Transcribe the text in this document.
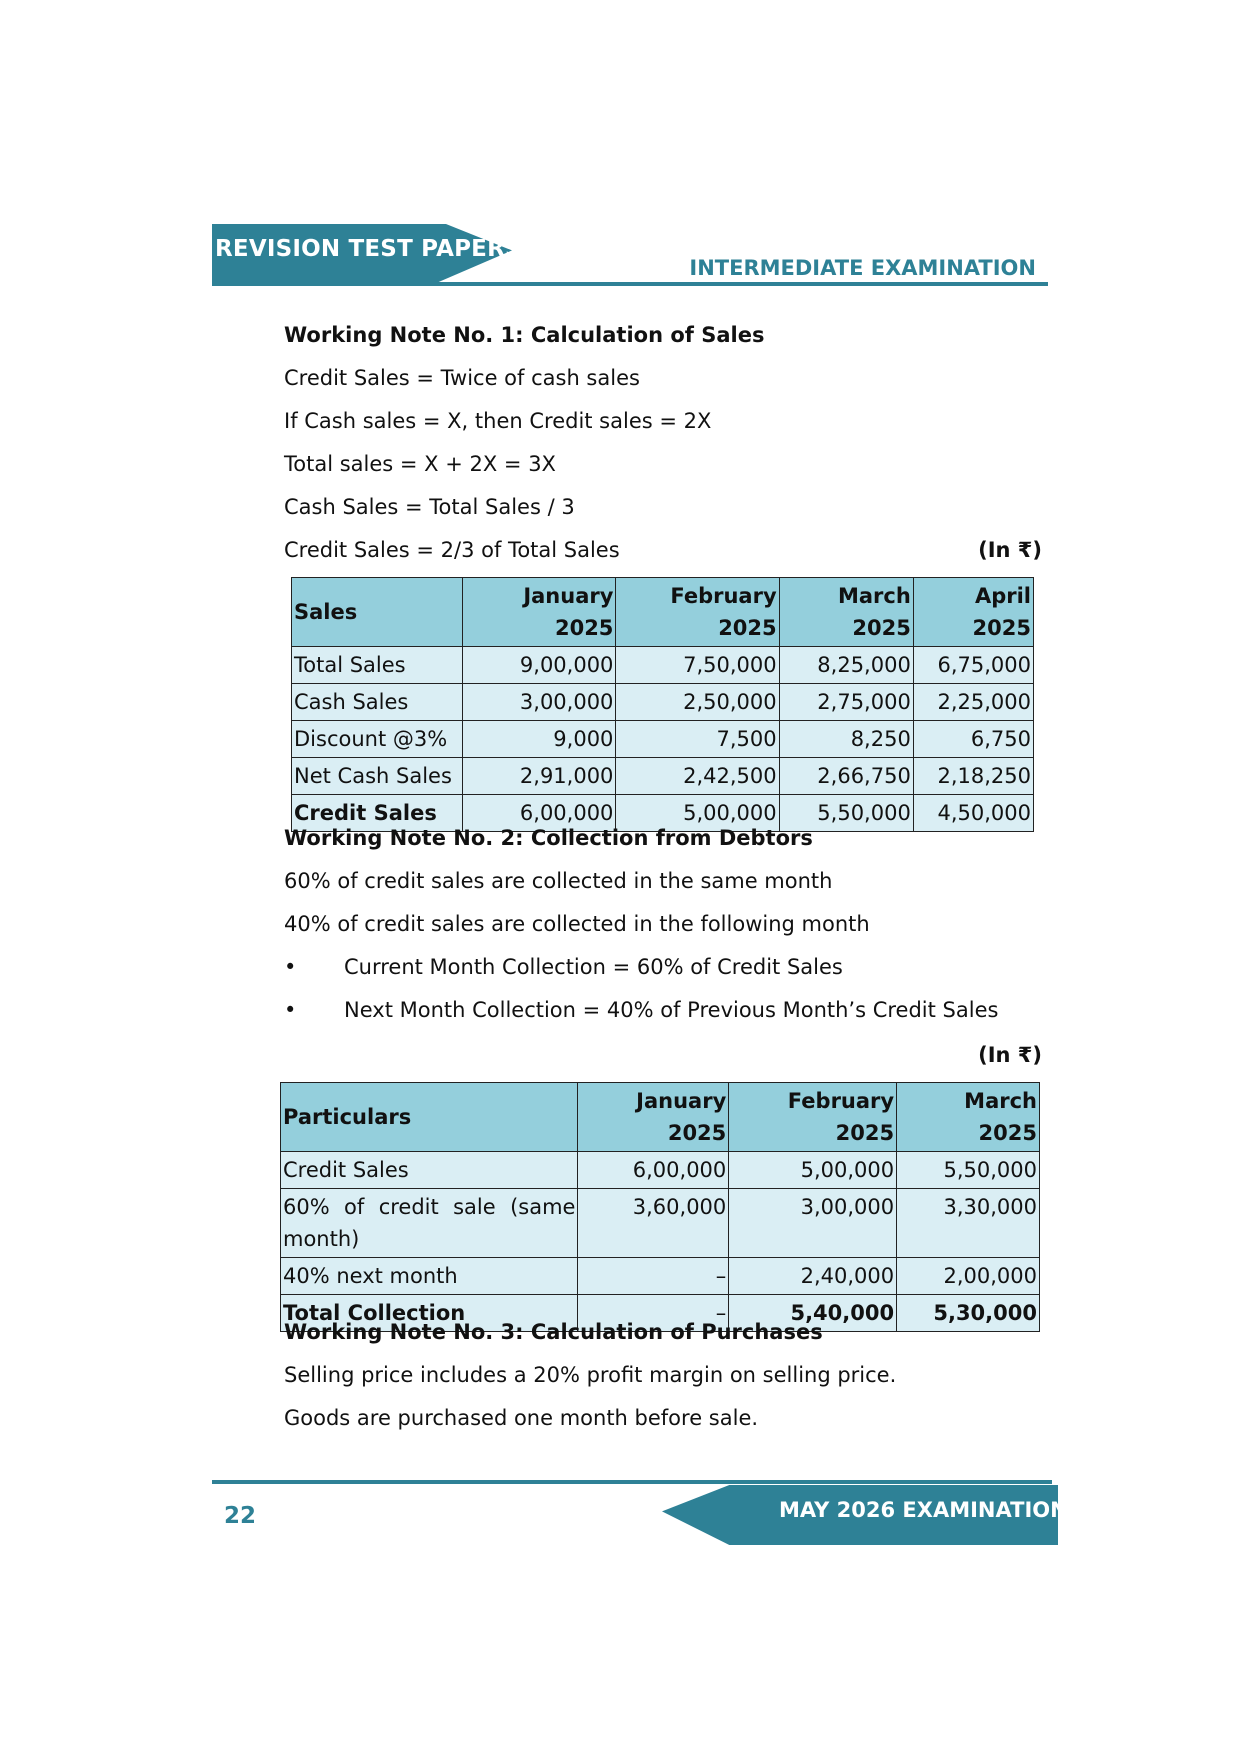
REVISION TEST PAPERS
INTERMEDIATE EXAMINATION
Working Note No. 1: Calculation of Sales
Credit Sales = Twice of cash sales
If Cash sales = X, then Credit sales = 2X
Total sales = X + 2X = 3X
Cash Sales = Total Sales / 3
Credit Sales = 2/3 of Total Sales	(In ₹)
Sales	January 2025	February 2025	March 2025	April 2025
Total Sales	9,00,000	7,50,000	8,25,000	6,75,000
Cash Sales	3,00,000	2,50,000	2,75,000	2,25,000
Discount @3%	9,000	7,500	8,250	6,750
Net Cash Sales	2,91,000	2,42,500	2,66,750	2,18,250
Credit Sales	6,00,000	5,00,000	5,50,000	4,50,000
Working Note No. 2: Collection from Debtors
60% of credit sales are collected in the same month
40% of credit sales are collected in the following month
• Current Month Collection = 60% of Credit Sales
• Next Month Collection = 40% of Previous Month’s Credit Sales
(In ₹)
Particulars	January 2025	February 2025	March 2025
Credit Sales	6,00,000	5,00,000	5,50,000
60% of credit sale (same month)	3,60,000	3,00,000	3,30,000
40% next month	–	2,40,000	2,00,000
Total Collection	–	5,40,000	5,30,000
Working Note No. 3: Calculation of Purchases
Selling price includes a 20% profit margin on selling price.
Goods are purchased one month before sale.
MAY 2026 EXAMINATION
22
